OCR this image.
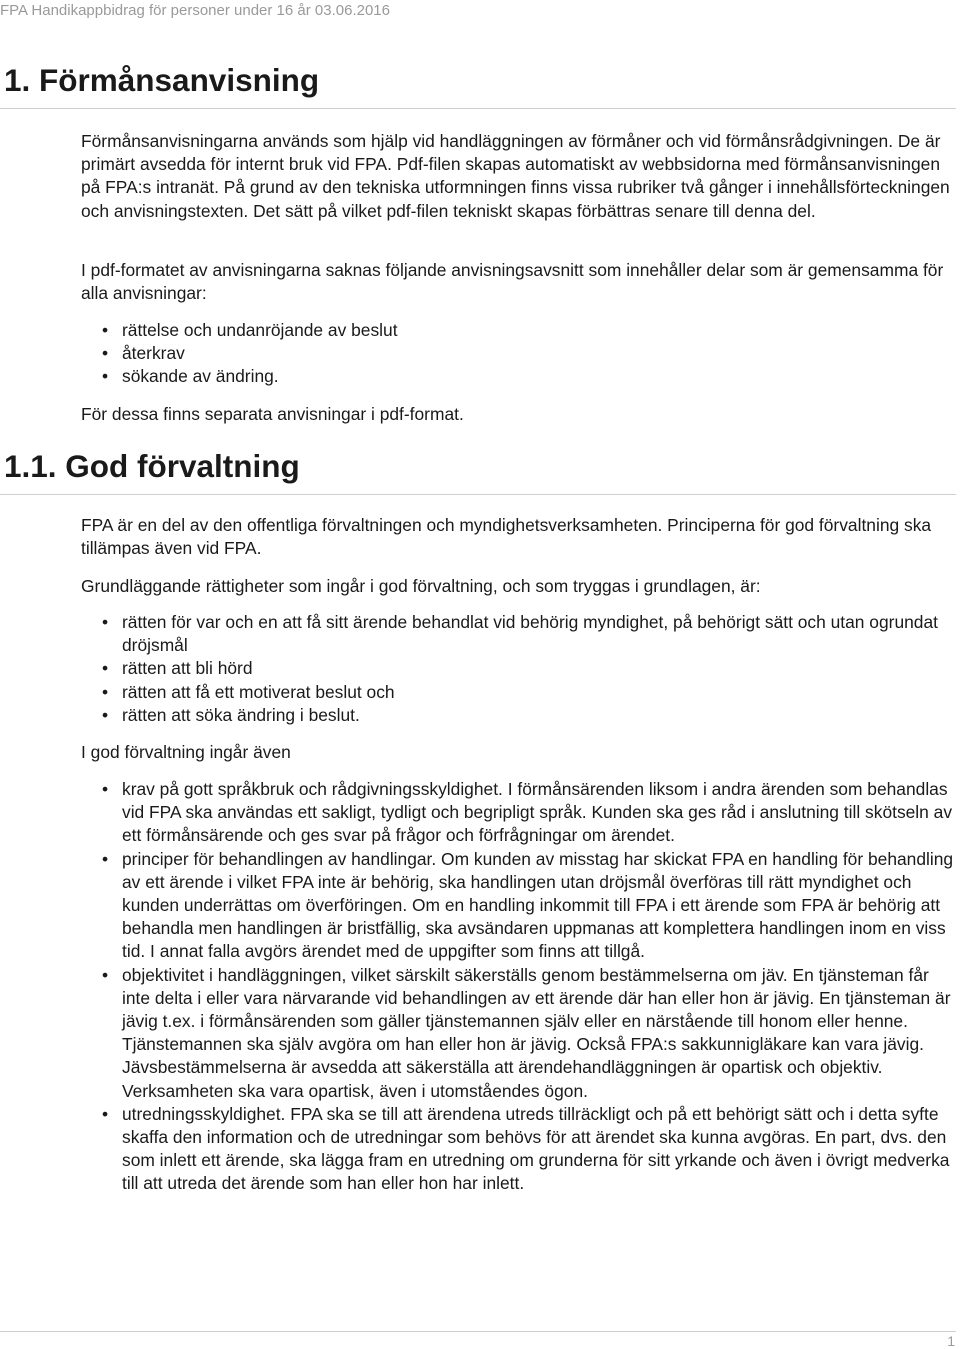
FPA Handikappbidrag för personer under 16 år 03.06.2016
1. Förmånsanvisning

Förmånsanvisningarna används som hjälp vid handläggningen av förmåner och vid förmånsrådgivningen. De är primärt avsedda för internt bruk vid FPA. Pdf-filen skapas automatiskt av webbsidorna med förmånsanvisningen på FPA:s intranät. På grund av den tekniska utformningen finns vissa rubriker två gånger i innehållsförteckningen och anvisningstexten. Det sätt på vilket pdf-filen tekniskt skapas förbättras senare till denna del.

I pdf-formatet av anvisningarna saknas följande anvisningsavsnitt som innehåller delar som är gemensamma för alla anvisningar:

• rättelse och undanröjande av beslut
• återkrav
• sökande av ändring.

För dessa finns separata anvisningar i pdf-format.

1.1. God förvaltning

FPA är en del av den offentliga förvaltningen och myndighetsverksamheten. Principerna för god förvaltning ska tillämpas även vid FPA.

Grundläggande rättigheter som ingår i god förvaltning, och som tryggas i grundlagen, är:

• rätten för var och en att få sitt ärende behandlat vid behörig myndighet, på behörigt sätt och utan ogrundat dröjsmål
• rätten att bli hörd
• rätten att få ett motiverat beslut och
• rätten att söka ändring i beslut.

I god förvaltning ingår även

• krav på gott språkbruk och rådgivningsskyldighet. I förmånsärenden liksom i andra ärenden som behandlas vid FPA ska användas ett sakligt, tydligt och begripligt språk. Kunden ska ges råd i anslutning till skötseln av ett förmånsärende och ges svar på frågor och förfrågningar om ärendet.
• principer för behandlingen av handlingar. Om kunden av misstag har skickat FPA en handling för behandling av ett ärende i vilket FPA inte är behörig, ska handlingen utan dröjsmål överföras till rätt myndighet och kunden underrättas om överföringen. Om en handling inkommit till FPA i ett ärende som FPA är behörig att behandla men handlingen är bristfällig, ska avsändaren uppmanas att komplettera handlingen inom en viss tid. I annat falla avgörs ärendet med de uppgifter som finns att tillgå.
• objektivitet i handläggningen, vilket särskilt säkerställs genom bestämmelserna om jäv. En tjänsteman får inte delta i eller vara närvarande vid behandlingen av ett ärende där han eller hon är jävig. En tjänsteman är jävig t.ex. i förmånsärenden som gäller tjänstemannen själv eller en närstående till honom eller henne. Tjänstemannen ska själv avgöra om han eller hon är jävig. Också FPA:s sakkunnigläkare kan vara jävig. Jävsbestämmelserna är avsedda att säkerställa att ärendehandläggningen är opartisk och objektiv. Verksamheten ska vara opartisk, även i utomståendes ögon.
• utredningsskyldighet. FPA ska se till att ärendena utreds tillräckligt och på ett behörigt sätt och i detta syfte skaffa den information och de utredningar som behövs för att ärendet ska kunna avgöras. En part, dvs. den som inlett ett ärende, ska lägga fram en utredning om grunderna för sitt yrkande och även i övrigt medverka till att utreda det ärende som han eller hon har inlett.
1
